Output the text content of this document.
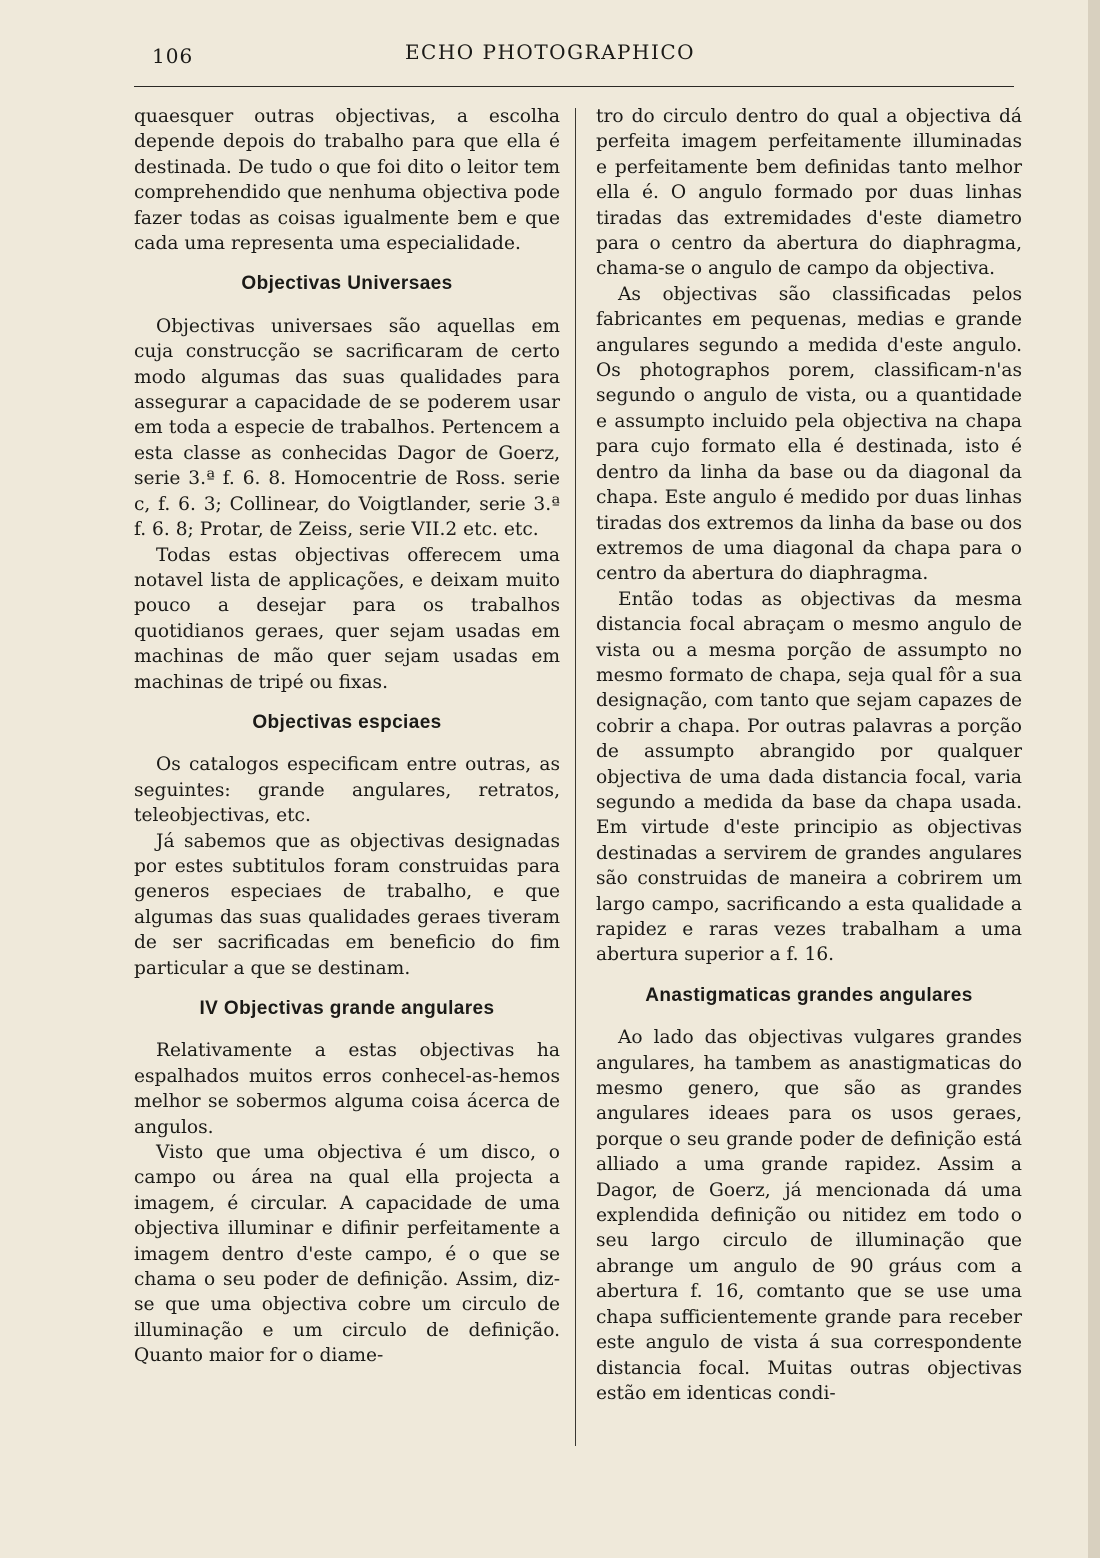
106	ECHO PHOTOGRAPHICO

quaesquer outras objectivas, a escolha depende depois do trabalho para que ella é destinada. De tudo o que foi dito o leitor tem comprehendido que nenhuma objectiva pode fazer todas as coisas igualmente bem e que cada uma representa uma especialidade.

Objectivas Universaes

Objectivas universaes são aquellas em cuja construcção se sacrificaram de certo modo algumas das suas qualidades para assegurar a capacidade de se poderem usar em toda a especie de trabalhos. Pertencem a esta classe as conhecidas Dagor de Goerz, serie 3.ª f. 6. 8. Homocentrie de Ross. serie c, f. 6. 3; Collinear, do Voigtlander, serie 3.ª f. 6. 8; Protar, de Zeiss, serie VII.2 etc. etc.

Todas estas objectivas offerecem uma notavel lista de applicações, e deixam muito pouco a desejar para os trabalhos quotidianos geraes, quer sejam usadas em machinas de mão quer sejam usadas em machinas de tripé ou fixas.

Objectivas espciaes

Os catalogos especificam entre outras, as seguintes: grande angulares, retratos, teleobjectivas, etc.

Já sabemos que as objectivas designadas por estes subtitulos foram construidas para generos especiaes de trabalho, e que algumas das suas qualidades geraes tiveram de ser sacrificadas em beneficio do fim particular a que se destinam.

IV Objectivas grande angulares

Relativamente a estas objectivas ha espalhados muitos erros conhecel-as-hemos melhor se sobermos alguma coisa ácerca de angulos.

Visto que uma objectiva é um disco, o campo ou área na qual ella projecta a imagem, é circular. A capacidade de uma objectiva illuminar e difinir perfeitamente a imagem dentro d'este campo, é o que se chama o seu poder de definição. Assim, diz-se que uma objectiva cobre um circulo de illuminação e um circulo de definição. Quanto maior for o diame-

tro do circulo dentro do qual a objectiva dá perfeita imagem perfeitamente illuminadas e perfeitamente bem definidas tanto melhor ella é. O angulo formado por duas linhas tiradas das extremidades d'este diametro para o centro da abertura do diaphragma, chama-se o angulo de campo da objectiva.

As objectivas são classificadas pelos fabricantes em pequenas, medias e grande angulares segundo a medida d'este angulo. Os photographos porem, classificam-n'as segundo o angulo de vista, ou a quantidade e assumpto incluido pela objectiva na chapa para cujo formato ella é destinada, isto é dentro da linha da base ou da diagonal da chapa. Este angulo é medido por duas linhas tiradas dos extremos da linha da base ou dos extremos de uma diagonal da chapa para o centro da abertura do diaphragma.

Então todas as objectivas da mesma distancia focal abraçam o mesmo angulo de vista ou a mesma porção de assumpto no mesmo formato de chapa, seja qual fôr a sua designação, com tanto que sejam capazes de cobrir a chapa. Por outras palavras a porção de assumpto abrangido por qualquer objectiva de uma dada distancia focal, varia segundo a medida da base da chapa usada. Em virtude d'este principio as objectivas destinadas a servirem de grandes angulares são construidas de maneira a cobrirem um largo campo, sacrificando a esta qualidade a rapidez e raras vezes trabalham a uma abertura superior a f. 16.

Anastigmaticas grandes angulares

Ao lado das objectivas vulgares grandes angulares, ha tambem as anastigmaticas do mesmo genero, que são as grandes angulares ideaes para os usos geraes, porque o seu grande poder de definição está alliado a uma grande rapidez. Assim a Dagor, de Goerz, já mencionada dá uma explendida definição ou nitidez em todo o seu largo circulo de illuminação que abrange um angulo de 90 gráus com a abertura f. 16, comtanto que se use uma chapa sufficientemente grande para receber este angulo de vista á sua correspondente distancia focal. Muitas outras objectivas estão em identicas condi-
